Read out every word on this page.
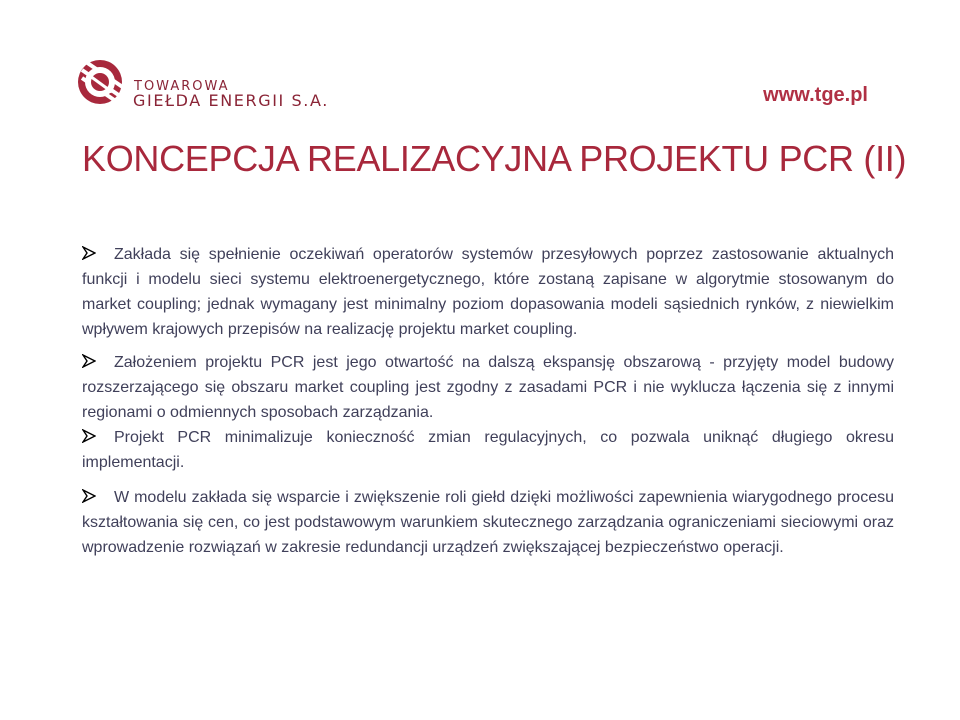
TOWAROWA
GIEŁDA ENERGII S.A.	www.tge.pl
KONCEPCJA REALIZACYJNA PROJEKTU PCR (II)

Zakłada się spełnienie oczekiwań operatorów systemów przesyłowych poprzez zastosowanie aktualnych funkcji i modelu sieci systemu elektroenergetycznego, które zostaną zapisane w algorytmie stosowanym do market coupling; jednak wymagany jest minimalny poziom dopasowania modeli sąsiednich rynków, z niewielkim wpływem krajowych przepisów na realizację projektu market coupling.

Założeniem projektu PCR jest jego otwartość na dalszą ekspansję obszarową - przyjęty model budowy rozszerzającego się obszaru market coupling jest zgodny z zasadami PCR i nie wyklucza łączenia się z innymi regionami o odmiennych sposobach zarządzania.

Projekt PCR minimalizuje konieczność zmian regulacyjnych, co pozwala uniknąć długiego okresu implementacji.

W modelu zakłada się wsparcie i zwiększenie roli giełd dzięki możliwości zapewnienia wiarygodnego procesu kształtowania się cen, co jest podstawowym warunkiem skutecznego zarządzania ograniczeniami sieciowymi oraz wprowadzenie rozwiązań w zakresie redundancji urządzeń zwiększającej bezpieczeństwo operacji.
